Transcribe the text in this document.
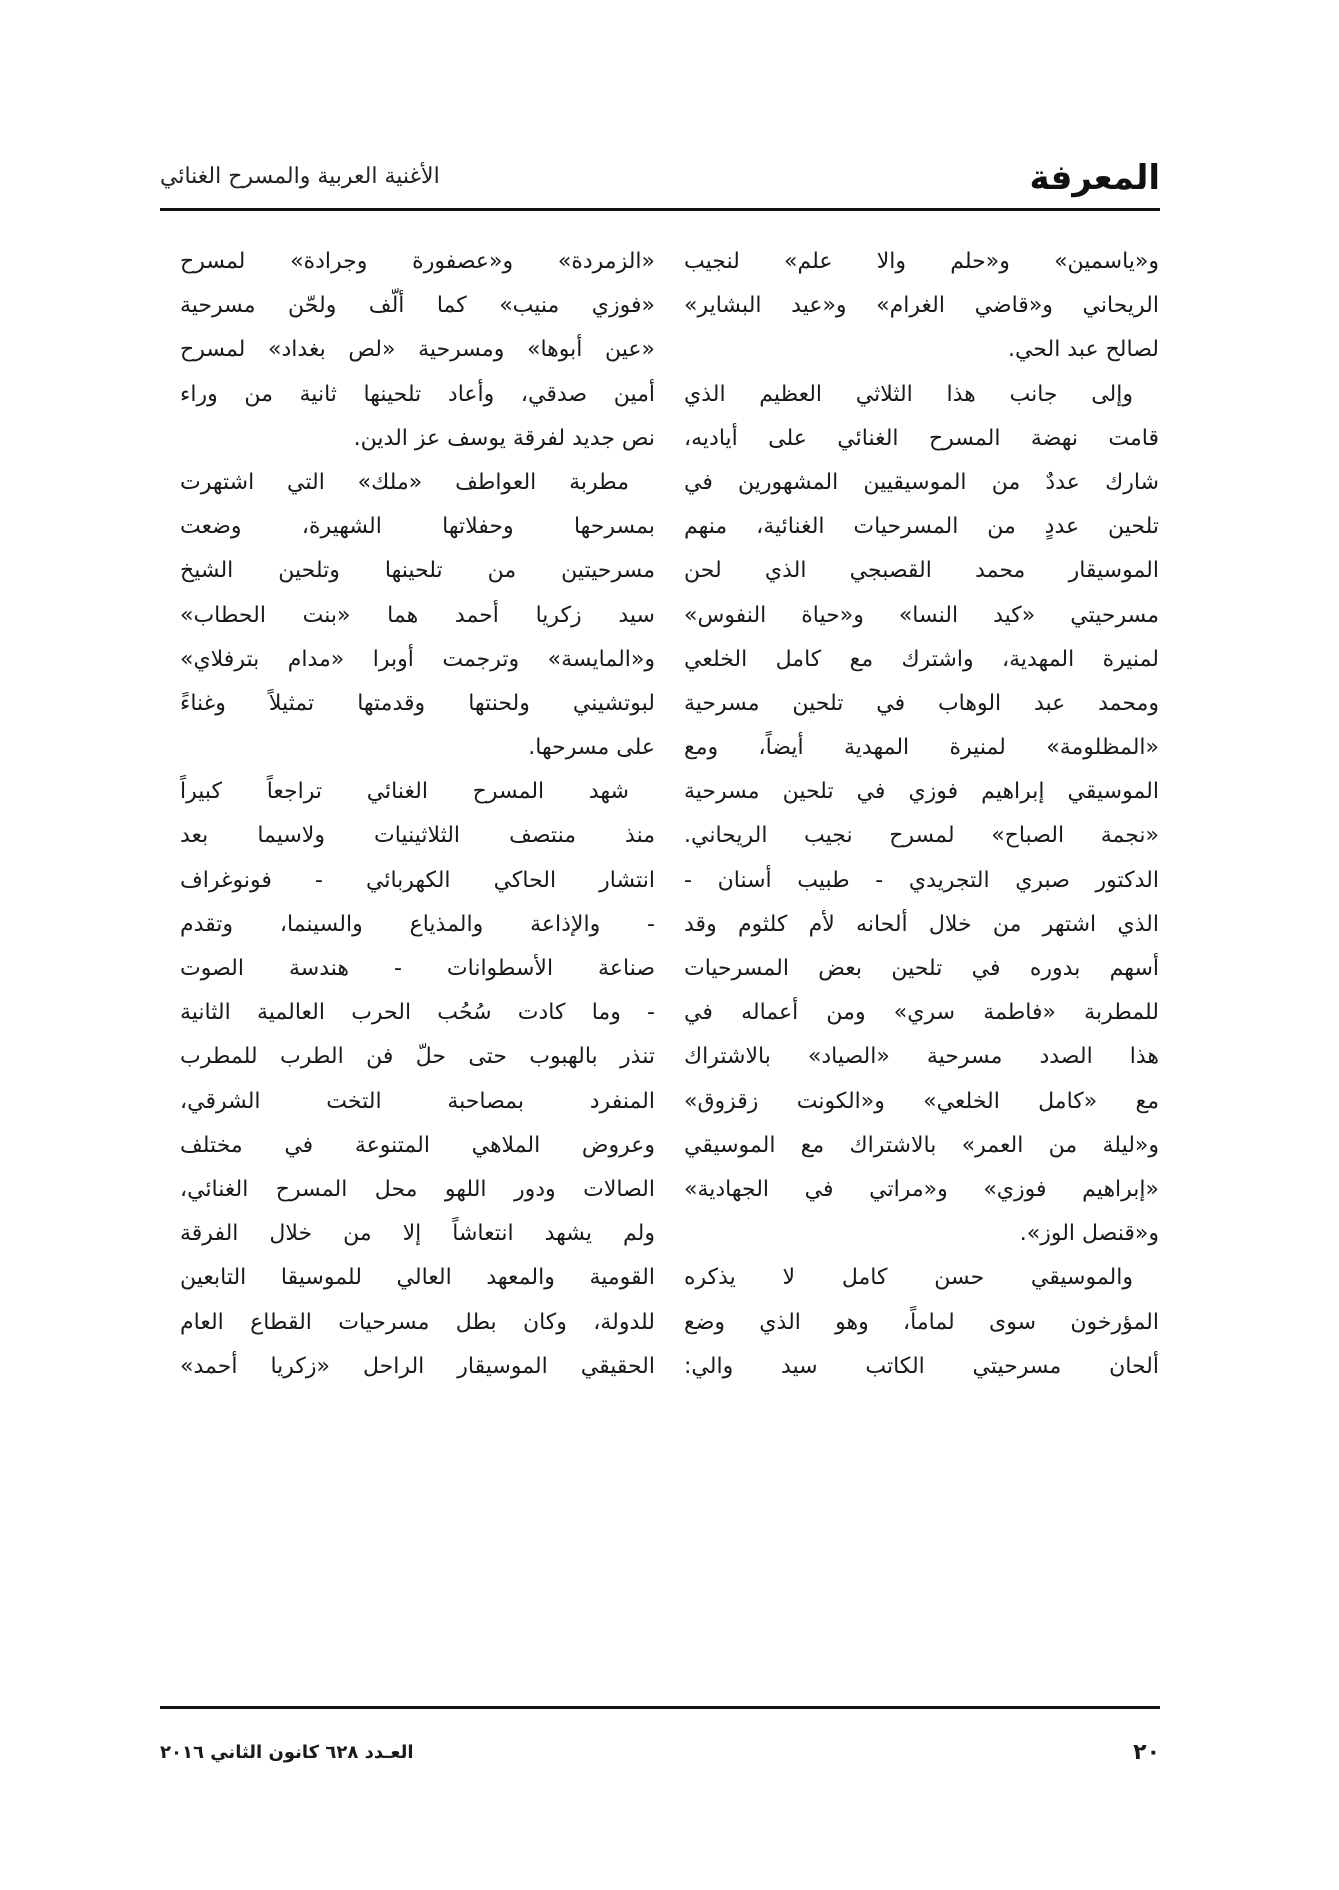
المعرفة
الأغنية العربية والمسرح الغنائي
و«ياسمين» و«حلم والا علم» لنجيب
الريحاني و«قاضي الغرام» و«عيد البشاير»
لصالح عبد الحي.
وإلى جانب هذا الثلاثي العظيم الذي
قامت نهضة المسرح الغنائي على أياديه،
شارك عددٌ من الموسيقيين المشهورين في
تلحين عددٍ من المسرحيات الغنائية، منهم
الموسيقار محمد القصبجي الذي لحن
مسرحيتي «كيد النسا» و«حياة النفوس»
لمنيرة المهدية، واشترك مع كامل الخلعي
ومحمد عبد الوهاب في تلحين مسرحية
«المظلومة» لمنيرة المهدية أيضاً، ومع
الموسيقي إبراهيم فوزي في تلحين مسرحية
«نجمة الصباح» لمسرح نجيب الريحاني.
الدكتور صبري التجريدي - طبيب أسنان -
الذي اشتهر من خلال ألحانه لأم كلثوم وقد
أسهم بدوره في تلحين بعض المسرحيات
للمطربة «فاطمة سري» ومن أعماله في
هذا الصدد مسرحية «الصياد» بالاشتراك
مع «كامل الخلعي» و«الكونت زقزوق»
و«ليلة من العمر» بالاشتراك مع الموسيقي
«إبراهيم فوزي» و«مراتي في الجهادية»
و«قنصل الوز».
والموسيقي حسن كامل لا يذكره
المؤرخون سوى لماماً، وهو الذي وضع
ألحان مسرحيتي الكاتب سيد والي:
«الزمردة» و«عصفورة وجرادة» لمسرح
«فوزي منيب» كما ألّف ولحّن مسرحية
«عين أبوها» ومسرحية «لص بغداد» لمسرح
أمين صدقي، وأعاد تلحينها ثانية من وراء
نص جديد لفرقة يوسف عز الدين.
مطربة العواطف «ملك» التي اشتهرت
بمسرحها وحفلاتها الشهيرة، وضعت
مسرحيتين من تلحينها وتلحين الشيخ
سيد زكريا أحمد هما «بنت الحطاب»
و«المايسة» وترجمت أوبرا «مدام بترفلاي»
لبوتشيني ولحنتها وقدمتها تمثيلاً وغناءً
على مسرحها.
شهد المسرح الغنائي تراجعاً كبيراً
منذ منتصف الثلاثينيات ولاسيما بعد
انتشار الحاكي الكهربائي - فونوغراف
- والإذاعة والمذياع والسينما، وتقدم
صناعة الأسطوانات - هندسة الصوت
- وما كادت سُحُب الحرب العالمية الثانية
تنذر بالهبوب حتى حلّ فن الطرب للمطرب
المنفرد بمصاحبة التخت الشرقي،
وعروض الملاهي المتنوعة في مختلف
الصالات ودور اللهو محل المسرح الغنائي،
ولم يشهد انتعاشاً إلا من خلال الفرقة
القومية والمعهد العالي للموسيقا التابعين
للدولة، وكان بطل مسرحيات القطاع العام
الحقيقي الموسيقار الراحل «زكريا أحمد»
٢٠
العـدد ٦٢٨ كانون الثاني ٢٠١٦
